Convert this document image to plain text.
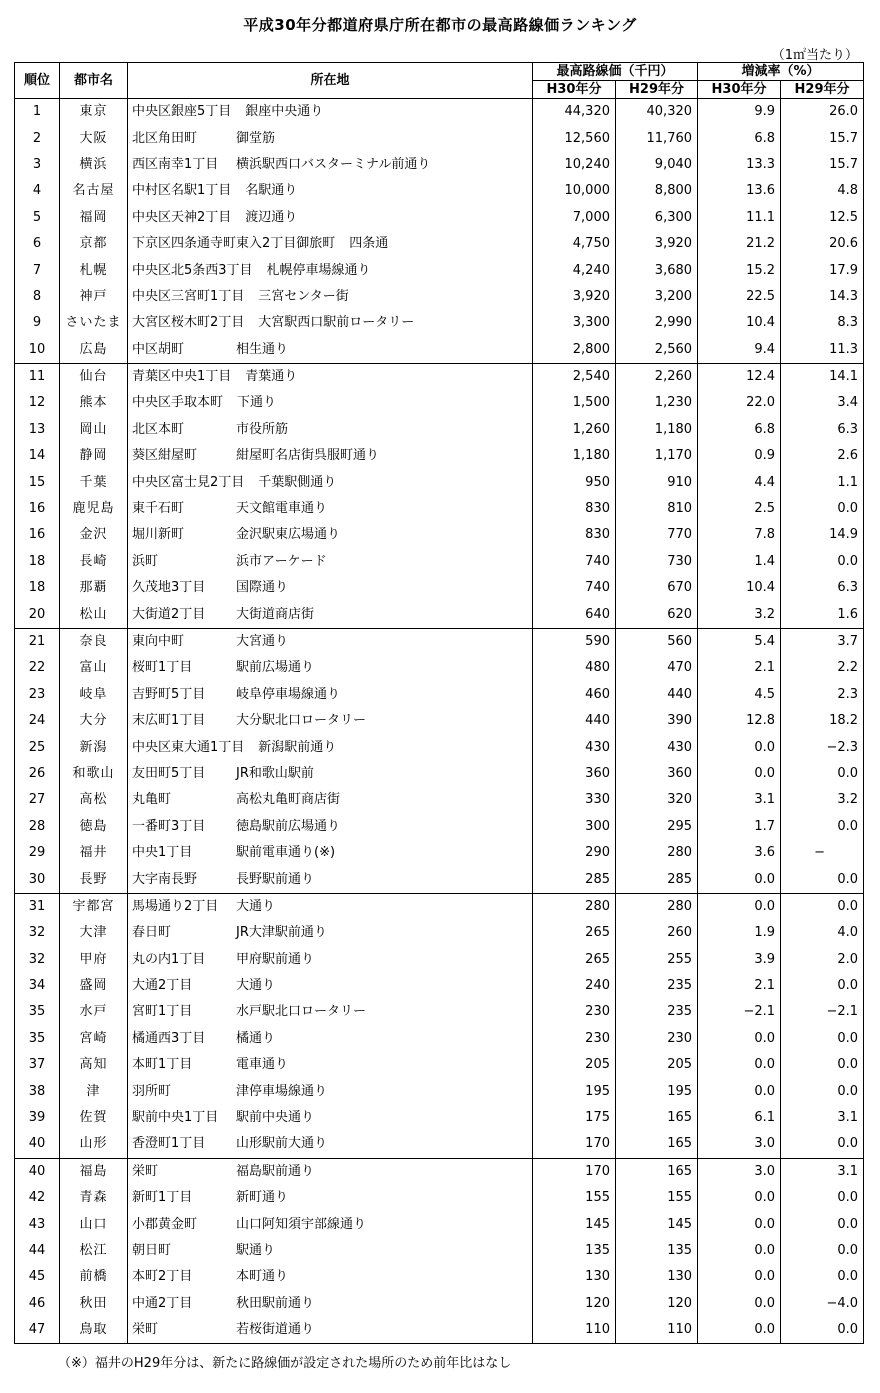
平成30年分都道府県庁所在都市の最高路線価ランキング
（1㎡当たり）
順位	都市名	所在地	最高路線価（千円）		増減率（%）	
			H30年分	H29年分	H30年分	H29年分
1	東京	中央区銀座5丁目 銀座中央通り	44,320	40,320	9.9	26.0
2	大阪	北区角田町 御堂筋	12,560	11,760	6.8	15.7
3	横浜	西区南幸1丁目 横浜駅西口バスターミナル前通り	10,240	9,040	13.3	15.7
4	名古屋	中村区名駅1丁目 名駅通り	10,000	8,800	13.6	4.8
5	福岡	中央区天神2丁目 渡辺通り	7,000	6,300	11.1	12.5
6	京都	下京区四条通寺町東入2丁目御旅町 四条通	4,750	3,920	21.2	20.6
7	札幌	中央区北5条西3丁目 札幌停車場線通り	4,240	3,680	15.2	17.9
8	神戸	中央区三宮町1丁目 三宮センター街	3,920	3,200	22.5	14.3
9	さいたま	大宮区桜木町2丁目 大宮駅西口駅前ロータリー	3,300	2,990	10.4	8.3
10	広島	中区胡町 相生通り	2,800	2,560	9.4	11.3
11	仙台	青葉区中央1丁目 青葉通り	2,540	2,260	12.4	14.1
12	熊本	中央区手取本町 下通り	1,500	1,230	22.0	3.4
13	岡山	北区本町 市役所筋	1,260	1,180	6.8	6.3
14	静岡	葵区紺屋町 紺屋町名店街呉服町通り	1,180	1,170	0.9	2.6
15	千葉	中央区富士見2丁目 千葉駅側通り	950	910	4.4	1.1
16	鹿児島	東千石町 天文館電車通り	830	810	2.5	0.0
16	金沢	堀川新町 金沢駅東広場通り	830	770	7.8	14.9
18	長崎	浜町 浜市アーケード	740	730	1.4	0.0
18	那覇	久茂地3丁目 国際通り	740	670	10.4	6.3
20	松山	大街道2丁目 大街道商店街	640	620	3.2	1.6
21	奈良	東向中町 大宮通り	590	560	5.4	3.7
22	富山	桜町1丁目 駅前広場通り	480	470	2.1	2.2
23	岐阜	吉野町5丁目 岐阜停車場線通り	460	440	4.5	2.3
24	大分	末広町1丁目 大分駅北口ロータリー	440	390	12.8	18.2
25	新潟	中央区東大通1丁目 新潟駅前通り	430	430	0.0	−2.3
26	和歌山	友田町5丁目 JR和歌山駅前	360	360	0.0	0.0
27	高松	丸亀町 高松丸亀町商店街	330	320	3.1	3.2
28	徳島	一番町3丁目 徳島駅前広場通り	300	295	1.7	0.0
29	福井	中央1丁目 駅前電車通り(※)	290	280	3.6	−
30	長野	大字南長野 長野駅前通り	285	285	0.0	0.0
31	宇都宮	馬場通り2丁目 大通り	280	280	0.0	0.0
32	大津	春日町 JR大津駅前通り	265	260	1.9	4.0
32	甲府	丸の内1丁目 甲府駅前通り	265	255	3.9	2.0
34	盛岡	大通2丁目 大通り	240	235	2.1	0.0
35	水戸	宮町1丁目 水戸駅北口ロータリー	230	235	−2.1	−2.1
35	宮崎	橘通西3丁目 橘通り	230	230	0.0	0.0
37	高知	本町1丁目 電車通り	205	205	0.0	0.0
38	津	羽所町 津停車場線通り	195	195	0.0	0.0
39	佐賀	駅前中央1丁目 駅前中央通り	175	165	6.1	3.1
40	山形	香澄町1丁目 山形駅前大通り	170	165	3.0	0.0
40	福島	栄町 福島駅前通り	170	165	3.0	3.1
42	青森	新町1丁目 新町通り	155	155	0.0	0.0
43	山口	小郡黄金町 山口阿知須宇部線通り	145	145	0.0	0.0
44	松江	朝日町 駅通り	135	135	0.0	0.0
45	前橋	本町2丁目 本町通り	130	130	0.0	0.0
46	秋田	中通2丁目 秋田駅前通り	120	120	0.0	−4.0
47	鳥取	栄町 若桜街道通り	110	110	0.0	0.0
（※）福井のH29年分は、新たに路線価が設定された場所のため前年比はなし
